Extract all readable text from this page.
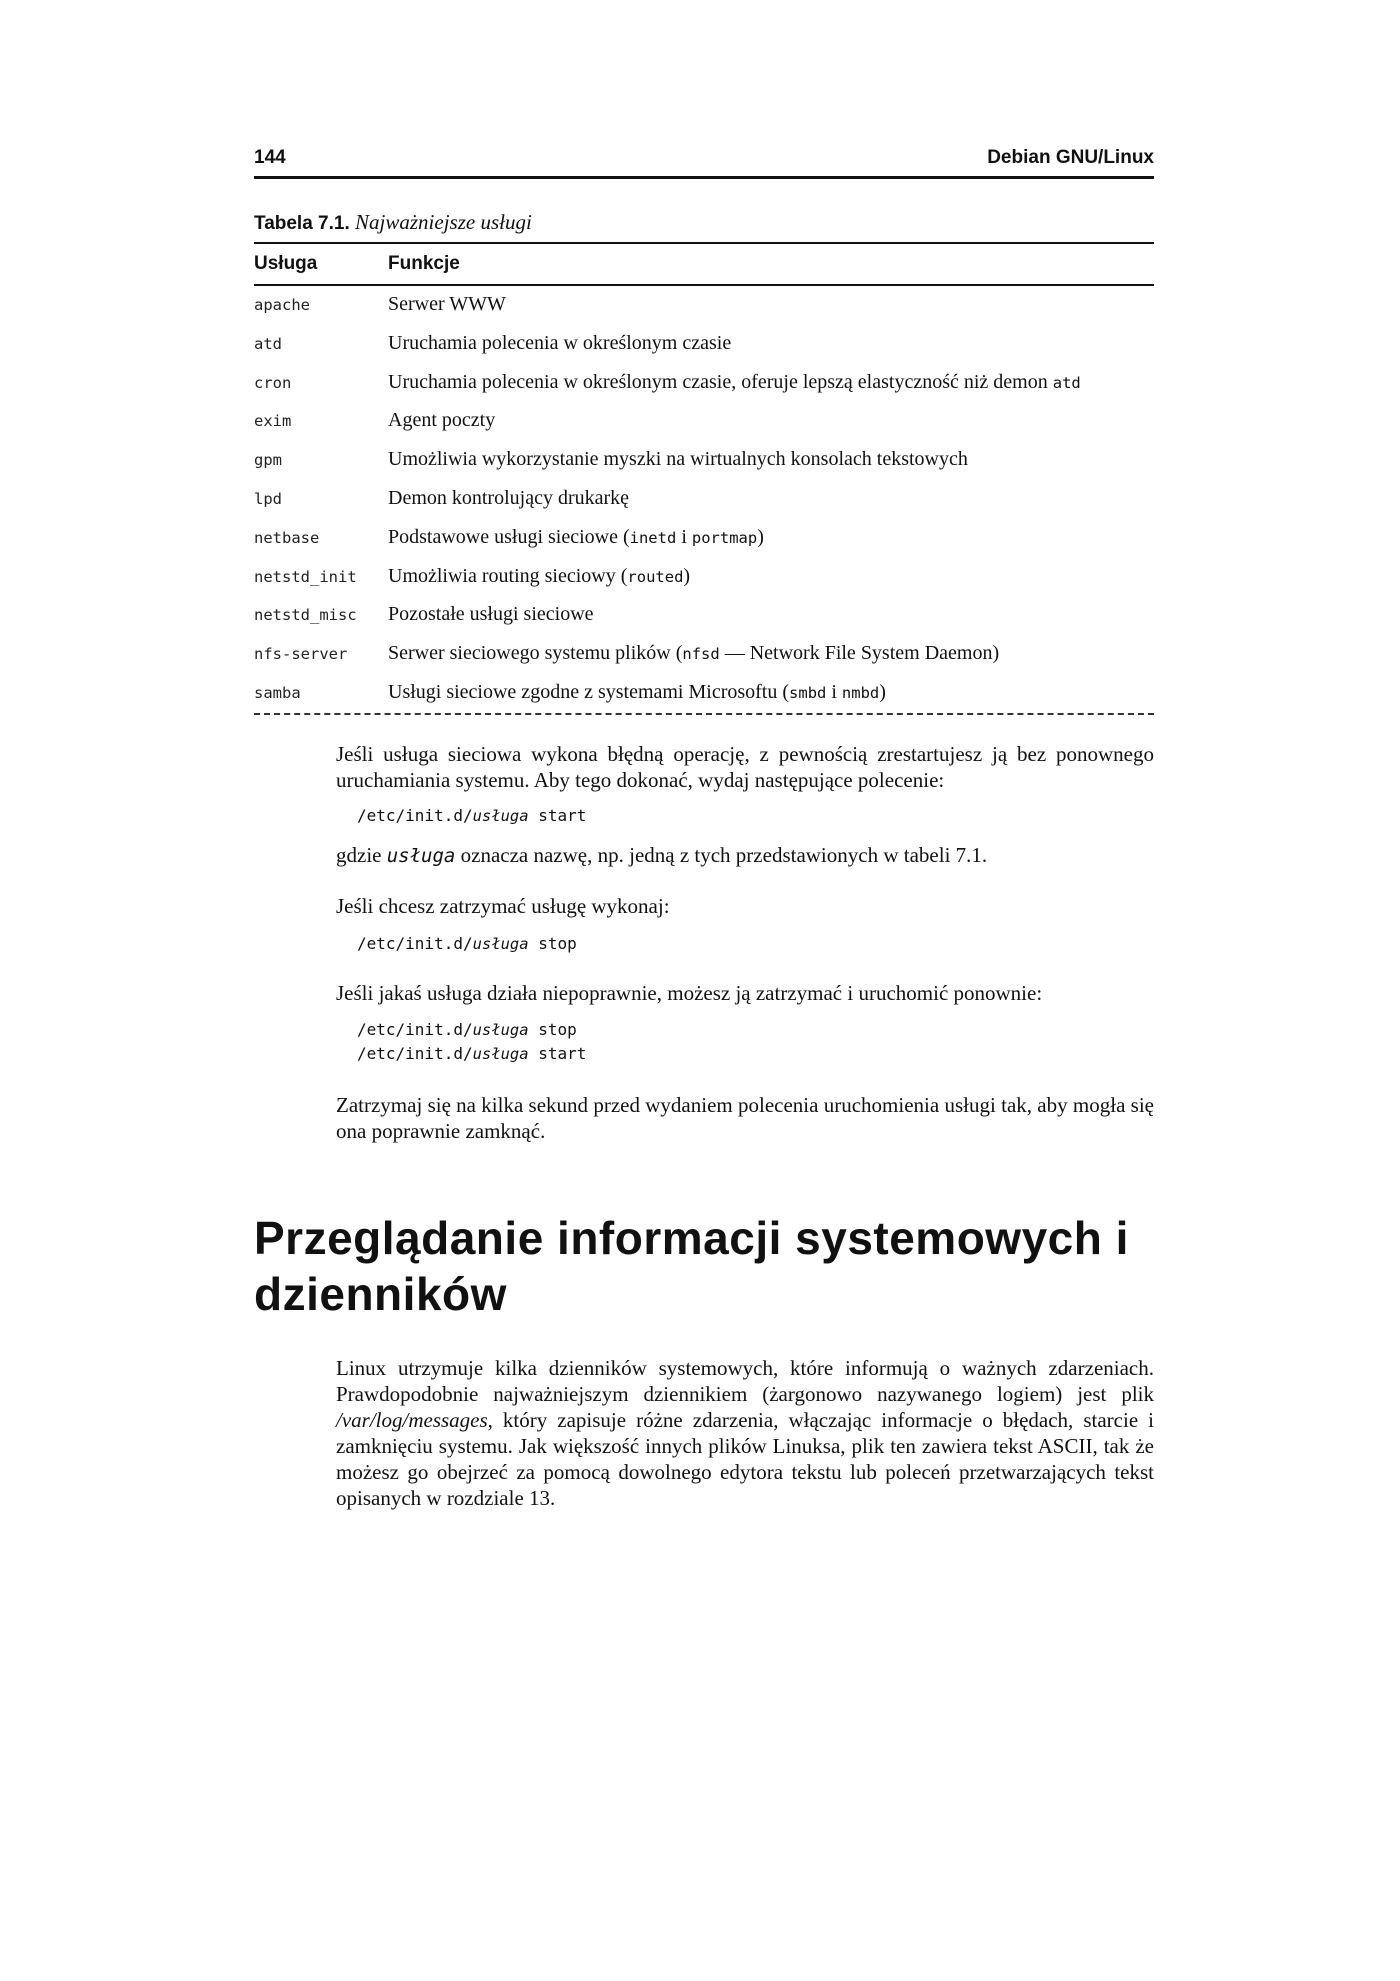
144	Debian GNU/Linux
Tabela 7.1. Najważniejsze usługi
Usługa	Funkcje
apache	Serwer WWW
atd	Uruchamia polecenia w określonym czasie
cron	Uruchamia polecenia w określonym czasie, oferuje lepszą elastyczność niż demon atd
exim	Agent poczty
gpm	Umożliwia wykorzystanie myszki na wirtualnych konsolach tekstowych
lpd	Demon kontrolujący drukarkę
netbase	Podstawowe usługi sieciowe (inetd i portmap)
netstd_init Umożliwia routing sieciowy (routed)
netstd_misc Pozostałe usługi sieciowe
nfs-server Serwer sieciowego systemu plików (nfsd — Network File System Daemon)
samba	Usługi sieciowe zgodne z systemami Microsoftu (smbd i nmbd)
Jeśli usługa sieciowa wykona błędną operację, z pewnością zrestartujesz ją bez ponownego uruchamiania systemu. Aby tego dokonać, wydaj następujące polecenie:
/etc/init.d/usługa start
gdzie usługa oznacza nazwę, np. jedną z tych przedstawionych w tabeli 7.1.
Jeśli chcesz zatrzymać usługę wykonaj:
/etc/init.d/usługa stop
Jeśli jakaś usługa działa niepoprawnie, możesz ją zatrzymać i uruchomić ponownie:
/etc/init.d/usługa stop
/etc/init.d/usługa start
Zatrzymaj się na kilka sekund przed wydaniem polecenia uruchomienia usługi tak, aby mogła się ona poprawnie zamknąć.
Przeglądanie informacji systemowych i dzienników
Linux utrzymuje kilka dzienników systemowych, które informują o ważnych zdarzeniach. Prawdopodobnie najważniejszym dziennikiem (żargonowo nazywanego logiem) jest plik /var/log/messages, który zapisuje różne zdarzenia, włączając informacje o błędach, starcie i zamknięciu systemu. Jak większość innych plików Linuksa, plik ten zawiera tekst ASCII, tak że możesz go obejrzeć za pomocą dowolnego edytora tekstu lub poleceń przetwarzających tekst opisanych w rozdziale 13.
